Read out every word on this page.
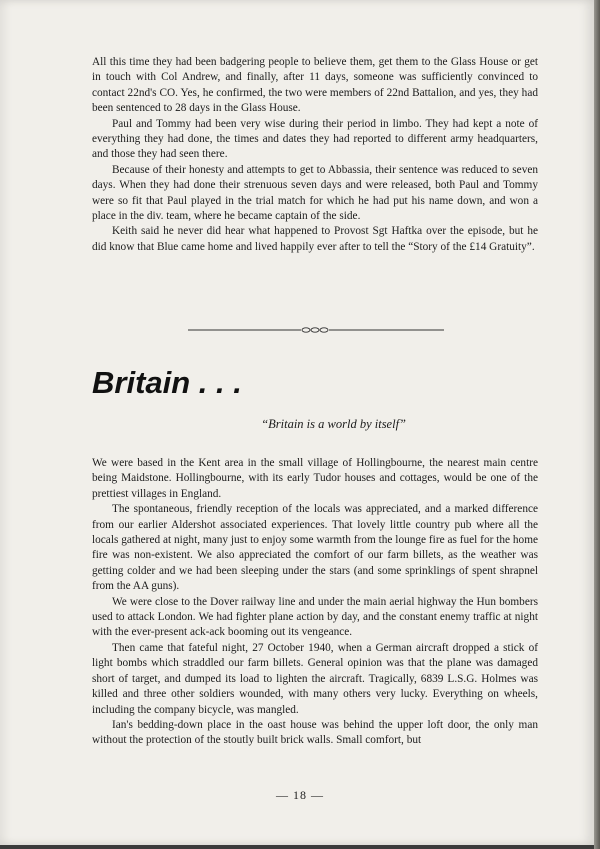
All this time they had been badgering people to believe them, get them to the Glass House or get in touch with Col Andrew, and finally, after 11 days, someone was sufficiently convinced to contact 22nd's CO. Yes, he confirmed, the two were members of 22nd Battalion, and yes, they had been sentenced to 28 days in the Glass House.

Paul and Tommy had been very wise during their period in limbo. They had kept a note of everything they had done, the times and dates they had reported to different army headquarters, and those they had seen there.

Because of their honesty and attempts to get to Abbassia, their sentence was reduced to seven days. When they had done their strenuous seven days and were released, both Paul and Tommy were so fit that Paul played in the trial match for which he had put his name down, and won a place in the div. team, where he became captain of the side.

Keith said he never did hear what happened to Provost Sgt Haftka over the episode, but he did know that Blue came home and lived happily ever after to tell the “Story of the £14 Gratuity”.

Britain . . .
“Britain is a world by itself”

We were based in the Kent area in the small village of Hollingbourne, the nearest main centre being Maidstone. Hollingbourne, with its early Tudor houses and cottages, would be one of the prettiest villages in England.

The spontaneous, friendly reception of the locals was appreciated, and a marked difference from our earlier Aldershot associated experiences. That lovely little country pub where all the locals gathered at night, many just to enjoy some warmth from the lounge fire as fuel for the home fire was non-existent. We also appreciated the comfort of our farm billets, as the weather was getting colder and we had been sleeping under the stars (and some sprinklings of spent shrapnel from the AA guns).

We were close to the Dover railway line and under the main aerial highway the Hun bombers used to attack London. We had fighter plane action by day, and the constant enemy traffic at night with the ever-present ack-ack booming out its vengeance.

Then came that fateful night, 27 October 1940, when a German aircraft dropped a stick of light bombs which straddled our farm billets. General opinion was that the plane was damaged short of target, and dumped its load to lighten the aircraft. Tragically, 6839 L.S.G. Holmes was killed and three other soldiers wounded, with many others very lucky. Everything on wheels, including the company bicycle, was mangled.

Ian's bedding-down place in the oast house was behind the upper loft door, the only man without the protection of the stoutly built brick walls. Small comfort, but

— 18 —
